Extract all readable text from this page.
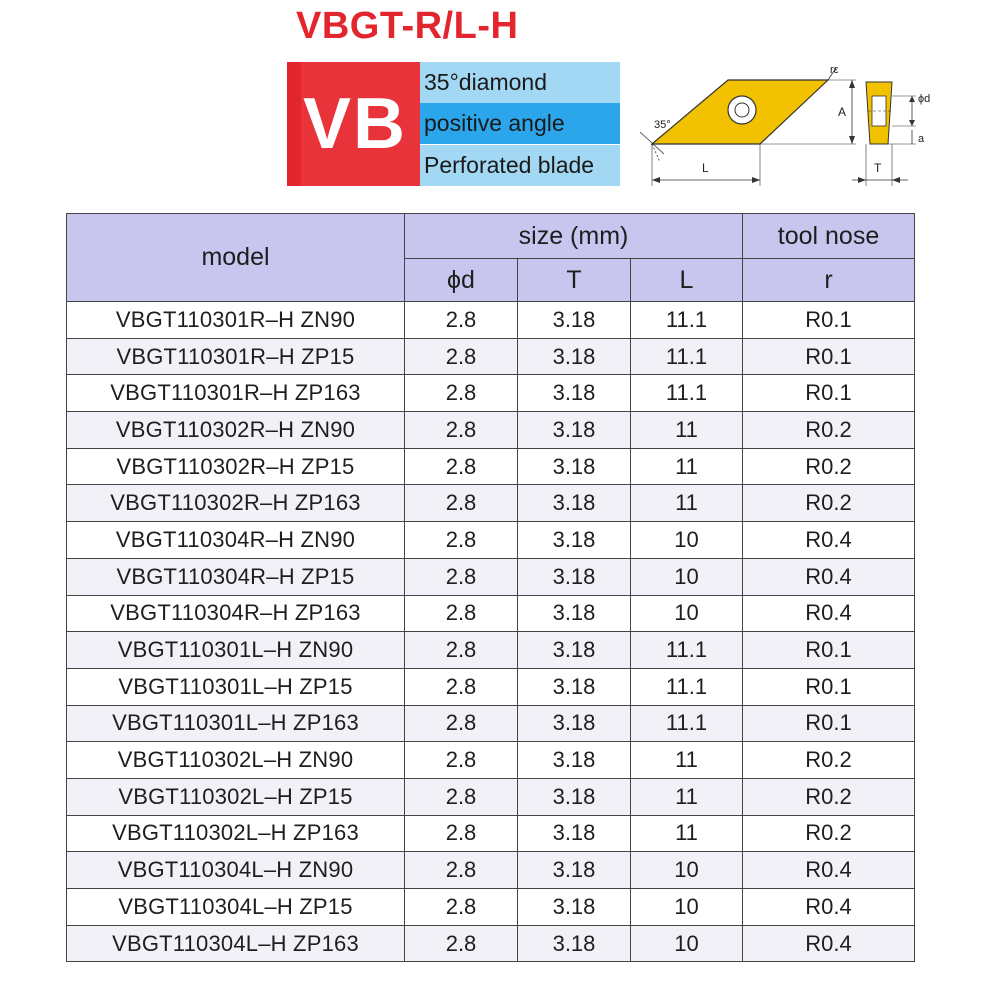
VBGT-R/L-H
VB
35°diamond
positive angle
Perforated blade
35°
rε
A
L
ϕd
a
T
model	size (mm)			tool nose
	ϕd	T	L	r
VBGT110301R–H ZN90	2.8	3.18	11.1	R0.1
VBGT110301R–H ZP15	2.8	3.18	11.1	R0.1
VBGT110301R–H ZP163	2.8	3.18	11.1	R0.1
VBGT110302R–H ZN90	2.8	3.18	11	R0.2
VBGT110302R–H ZP15	2.8	3.18	11	R0.2
VBGT110302R–H ZP163	2.8	3.18	11	R0.2
VBGT110304R–H ZN90	2.8	3.18	10	R0.4
VBGT110304R–H ZP15	2.8	3.18	10	R0.4
VBGT110304R–H ZP163	2.8	3.18	10	R0.4
VBGT110301L–H ZN90	2.8	3.18	11.1	R0.1
VBGT110301L–H ZP15	2.8	3.18	11.1	R0.1
VBGT110301L–H ZP163	2.8	3.18	11.1	R0.1
VBGT110302L–H ZN90	2.8	3.18	11	R0.2
VBGT110302L–H ZP15	2.8	3.18	11	R0.2
VBGT110302L–H ZP163	2.8	3.18	11	R0.2
VBGT110304L–H ZN90	2.8	3.18	10	R0.4
VBGT110304L–H ZP15	2.8	3.18	10	R0.4
VBGT110304L–H ZP163	2.8	3.18	10	R0.4
